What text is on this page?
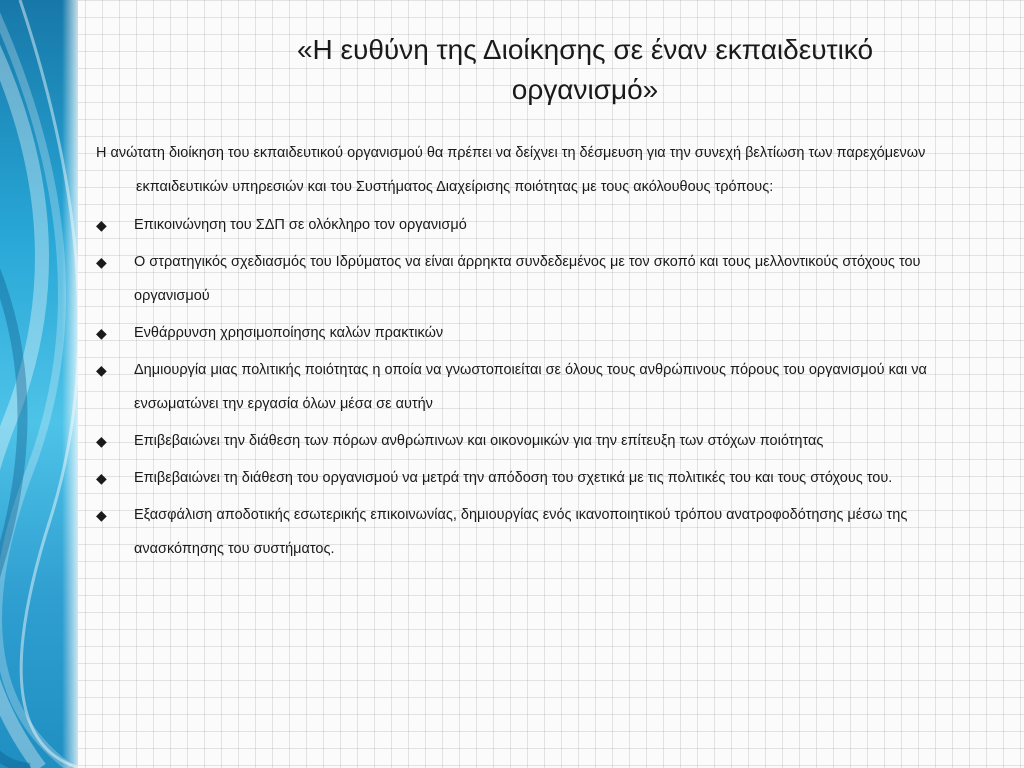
«Η ευθύνη της Διοίκησης σε έναν εκπαιδευτικό οργανισμό»

Η ανώτατη διοίκηση του εκπαιδευτικού οργανισμού θα πρέπει να δείχνει τη δέσμευση για την συνεχή βελτίωση των παρεχόμενων εκπαιδευτικών υπηρεσιών και του Συστήματος Διαχείρισης ποιότητας με τους ακόλουθους τρόπους:

◆ Επικοινώνηση του ΣΔΠ σε ολόκληρο τον οργανισμό
◆ Ο στρατηγικός σχεδιασμός του Ιδρύματος να είναι άρρηκτα συνδεδεμένος με τον σκοπό και τους μελλοντικούς στόχους του οργανισμού
◆ Ενθάρρυνση χρησιμοποίησης καλών πρακτικών
◆ Δημιουργία μιας πολιτικής ποιότητας η οποία να γνωστοποιείται σε όλους τους ανθρώπινους πόρους του οργανισμού και να ενσωματώνει την εργασία όλων μέσα σε αυτήν
◆ Επιβεβαιώνει την διάθεση των πόρων ανθρώπινων και οικονομικών για την επίτευξη των στόχων ποιότητας
◆ Επιβεβαιώνει τη διάθεση του οργανισμού να μετρά την απόδοση του σχετικά με τις πολιτικές του και τους στόχους του.
◆ Εξασφάλιση αποδοτικής εσωτερικής επικοινωνίας, δημιουργίας ενός ικανοποιητικού τρόπου ανατροφοδότησης μέσω της ανασκόπησης του συστήματος.
